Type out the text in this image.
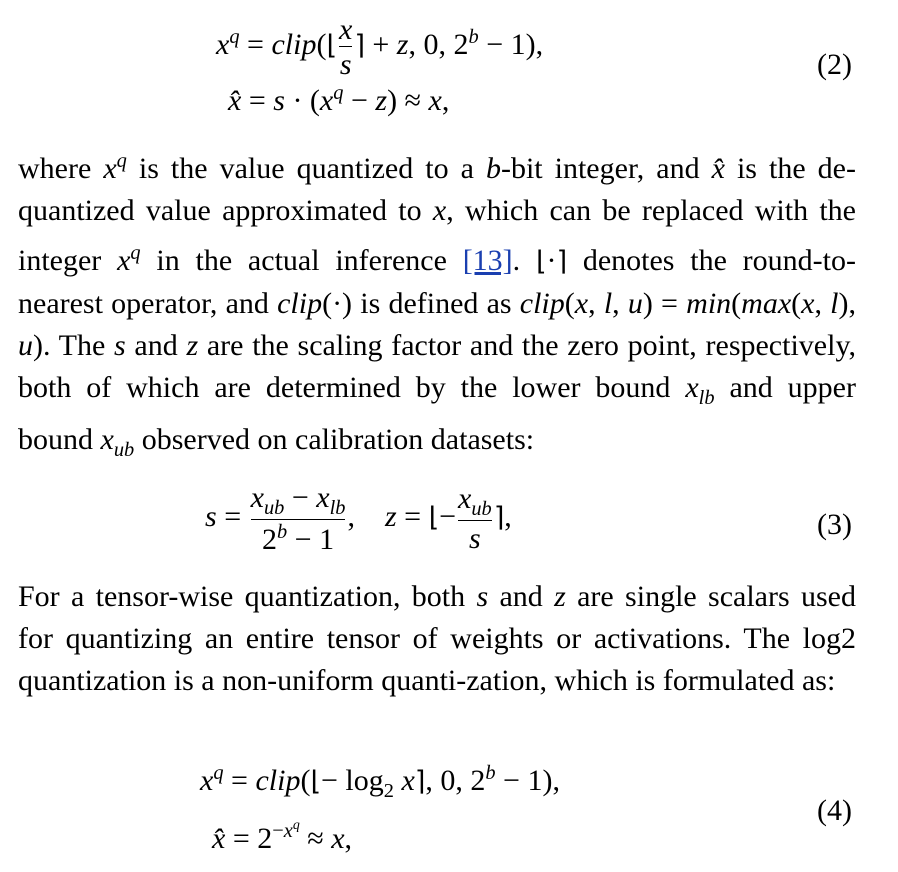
$x^q$ = clip(⌊ $\frac{x}{s}$ ⌉ + z, 0, $2^b - 1$),
x̂ = $s \cdot (x^q - z) \approx x$,
(2)
where $x^q$ is the value quantized to a b-bit integer, and x̂ is the de-quantized value approximated to x, which can be replaced with the integer $x^q$ in the actual inference [13]. ⌊·⌉ denotes the round-to-nearest operator, and clip(·) is defined as clip(x, l, u) = min(max(x, l), u). The s and z are the scaling factor and the zero point, respectively, both of which are determined by the lower bound $x_{lb}$ and upper bound $x_{ub}$ observed on calibration datasets:
$s = \frac{x_{ub} - x_{lb}}{2^b - 1}$ ,    z = ⌊− $\frac{x_{ub}}{s}$ ⌉,	(3)
For a tensor-wise quantization, both s and z are single scalars used for quantizing an entire tensor of weights or activations. The log2 quantization is a non-uniform quanti-zation, which is formulated as:
$x^q$ = clip(⌊− $\log_2$ x⌉, 0, $2^b - 1$),
x̂ = $2^{-x^q} \approx x$,
(4)
